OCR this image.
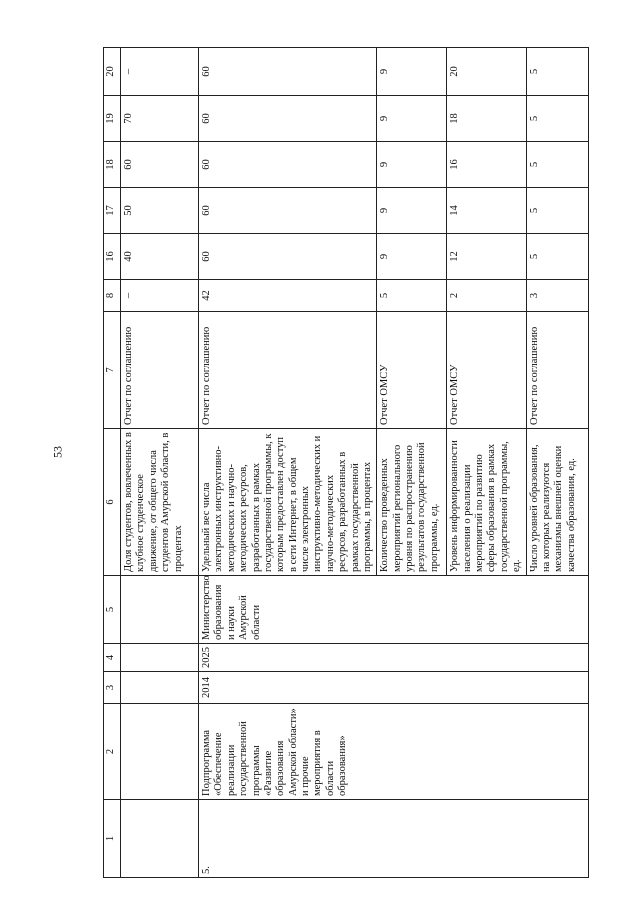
53
1	2	3	4	5	6	7	8	16	17	18	19	20
					Доля студентов, вовлеченных в клубное студенческое движение, от общего числа студентов Амурской области, в процентах	Отчет по соглашению	–	40	50	60	70	–
5.	Подпрограмма «Обеспечение реализации государственной программы «Развитие образования Амурской области» и прочие мероприятия в области образования»	2014	2025	Министерство образования и науки Амурской области	Удельный вес числа электронных инструктивно-методических и научно-методических ресурсов, разработанных в рамках государственной программы, к которым предоставлен доступ в сети Интернет, в общем числе электронных инструктивно-методических и научно-методических ресурсов, разработанных в рамках государственной программы, в процентах	Отчет по соглашению	42	60	60	60	60	60
					Количество проведенных мероприятий регионального уровня по распространению результатов государственной программы, ед.	Отчет ОМСУ	5	9	9	9	9	9
					Уровень информированности населения о реализации мероприятий по развитию сферы образования в рамках государственной программы, ед.	Отчет ОМСУ	2	12	14	16	18	20
					Число уровней образования, на которых реализуются механизмы внешней оценки качества образования, ед.	Отчет по соглашению	3	5	5	5	5	5
